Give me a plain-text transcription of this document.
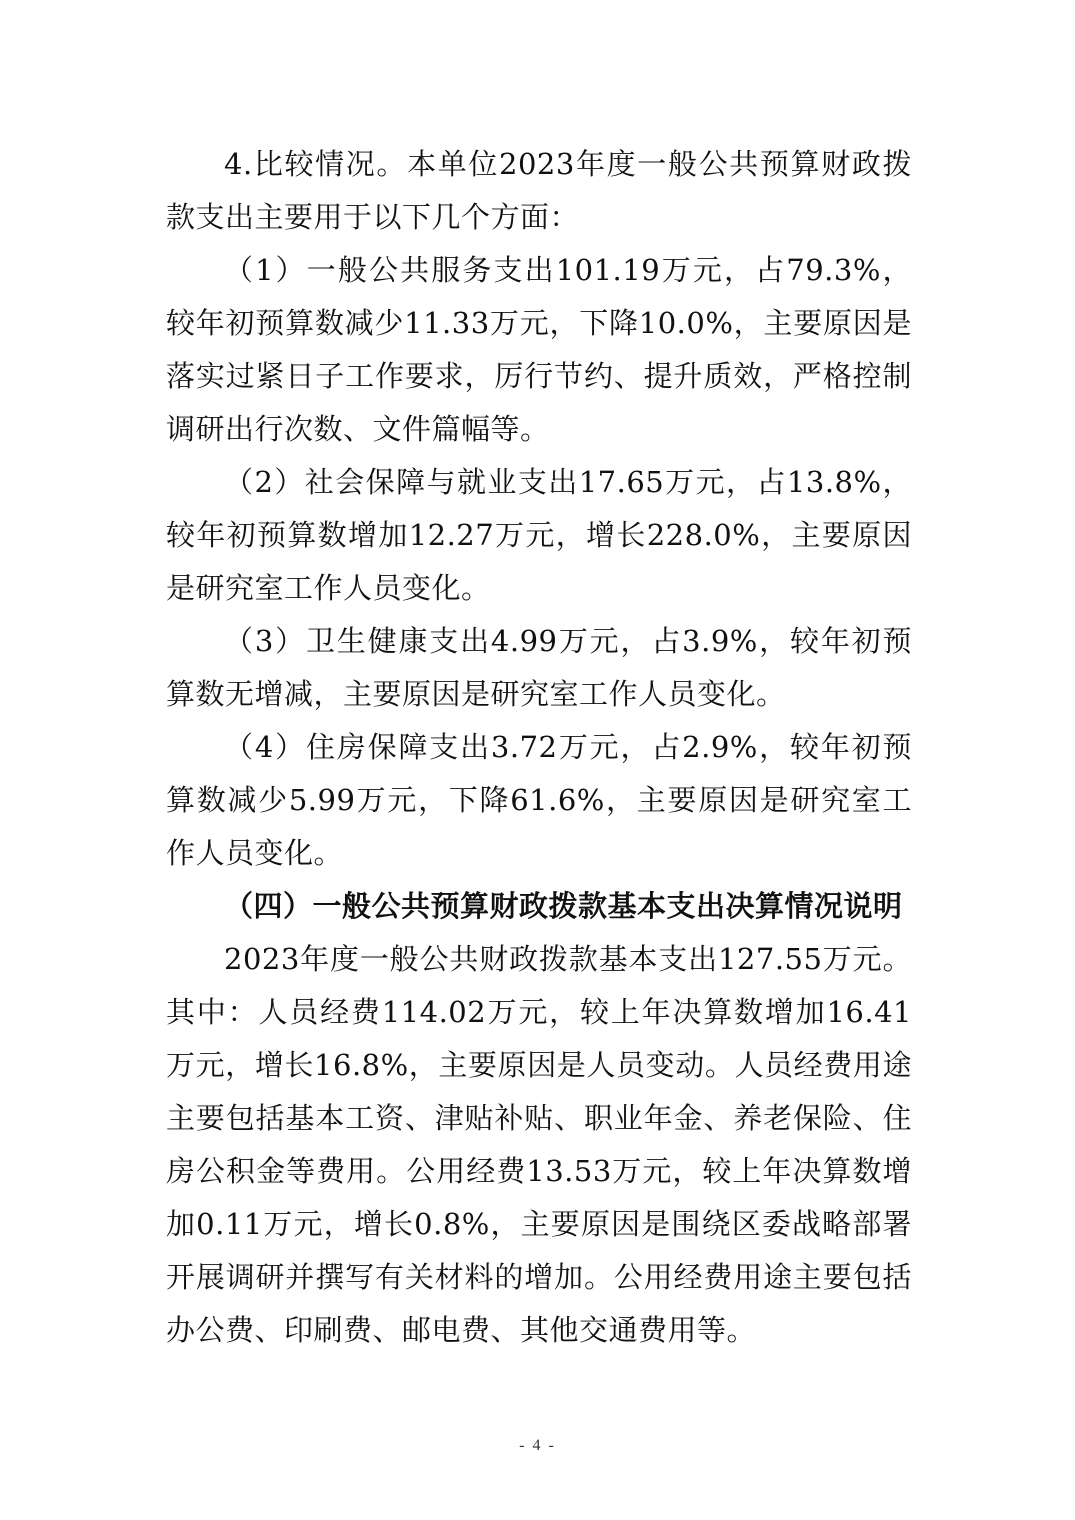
4.比较情况。本单位2023年度一般公共预算财政拨款支出主要用于以下几个方面：

（1）一般公共服务支出101.19万元，占79.3%，较年初预算数减少11.33万元，下降10.0%，主要原因是落实过紧日子工作要求，厉行节约、提升质效，严格控制调研出行次数、文件篇幅等。

（2）社会保障与就业支出17.65万元，占13.8%，较年初预算数增加12.27万元，增长228.0%，主要原因是研究室工作人员变化。

（3）卫生健康支出4.99万元，占3.9%，较年初预算数无增减，主要原因是研究室工作人员变化。

（4）住房保障支出3.72万元，占2.9%，较年初预算数减少5.99万元，下降61.6%，主要原因是研究室工作人员变化。

（四）一般公共预算财政拨款基本支出决算情况说明

2023年度一般公共财政拨款基本支出127.55万元。其中：人员经费114.02万元，较上年决算数增加16.41万元，增长16.8%，主要原因是人员变动。人员经费用途主要包括基本工资、津贴补贴、职业年金、养老保险、住房公积金等费用。公用经费13.53万元，较上年决算数增加0.11万元，增长0.8%，主要原因是围绕区委战略部署开展调研并撰写有关材料的增加。公用经费用途主要包括办公费、印刷费、邮电费、其他交通费用等。

- 4 -
